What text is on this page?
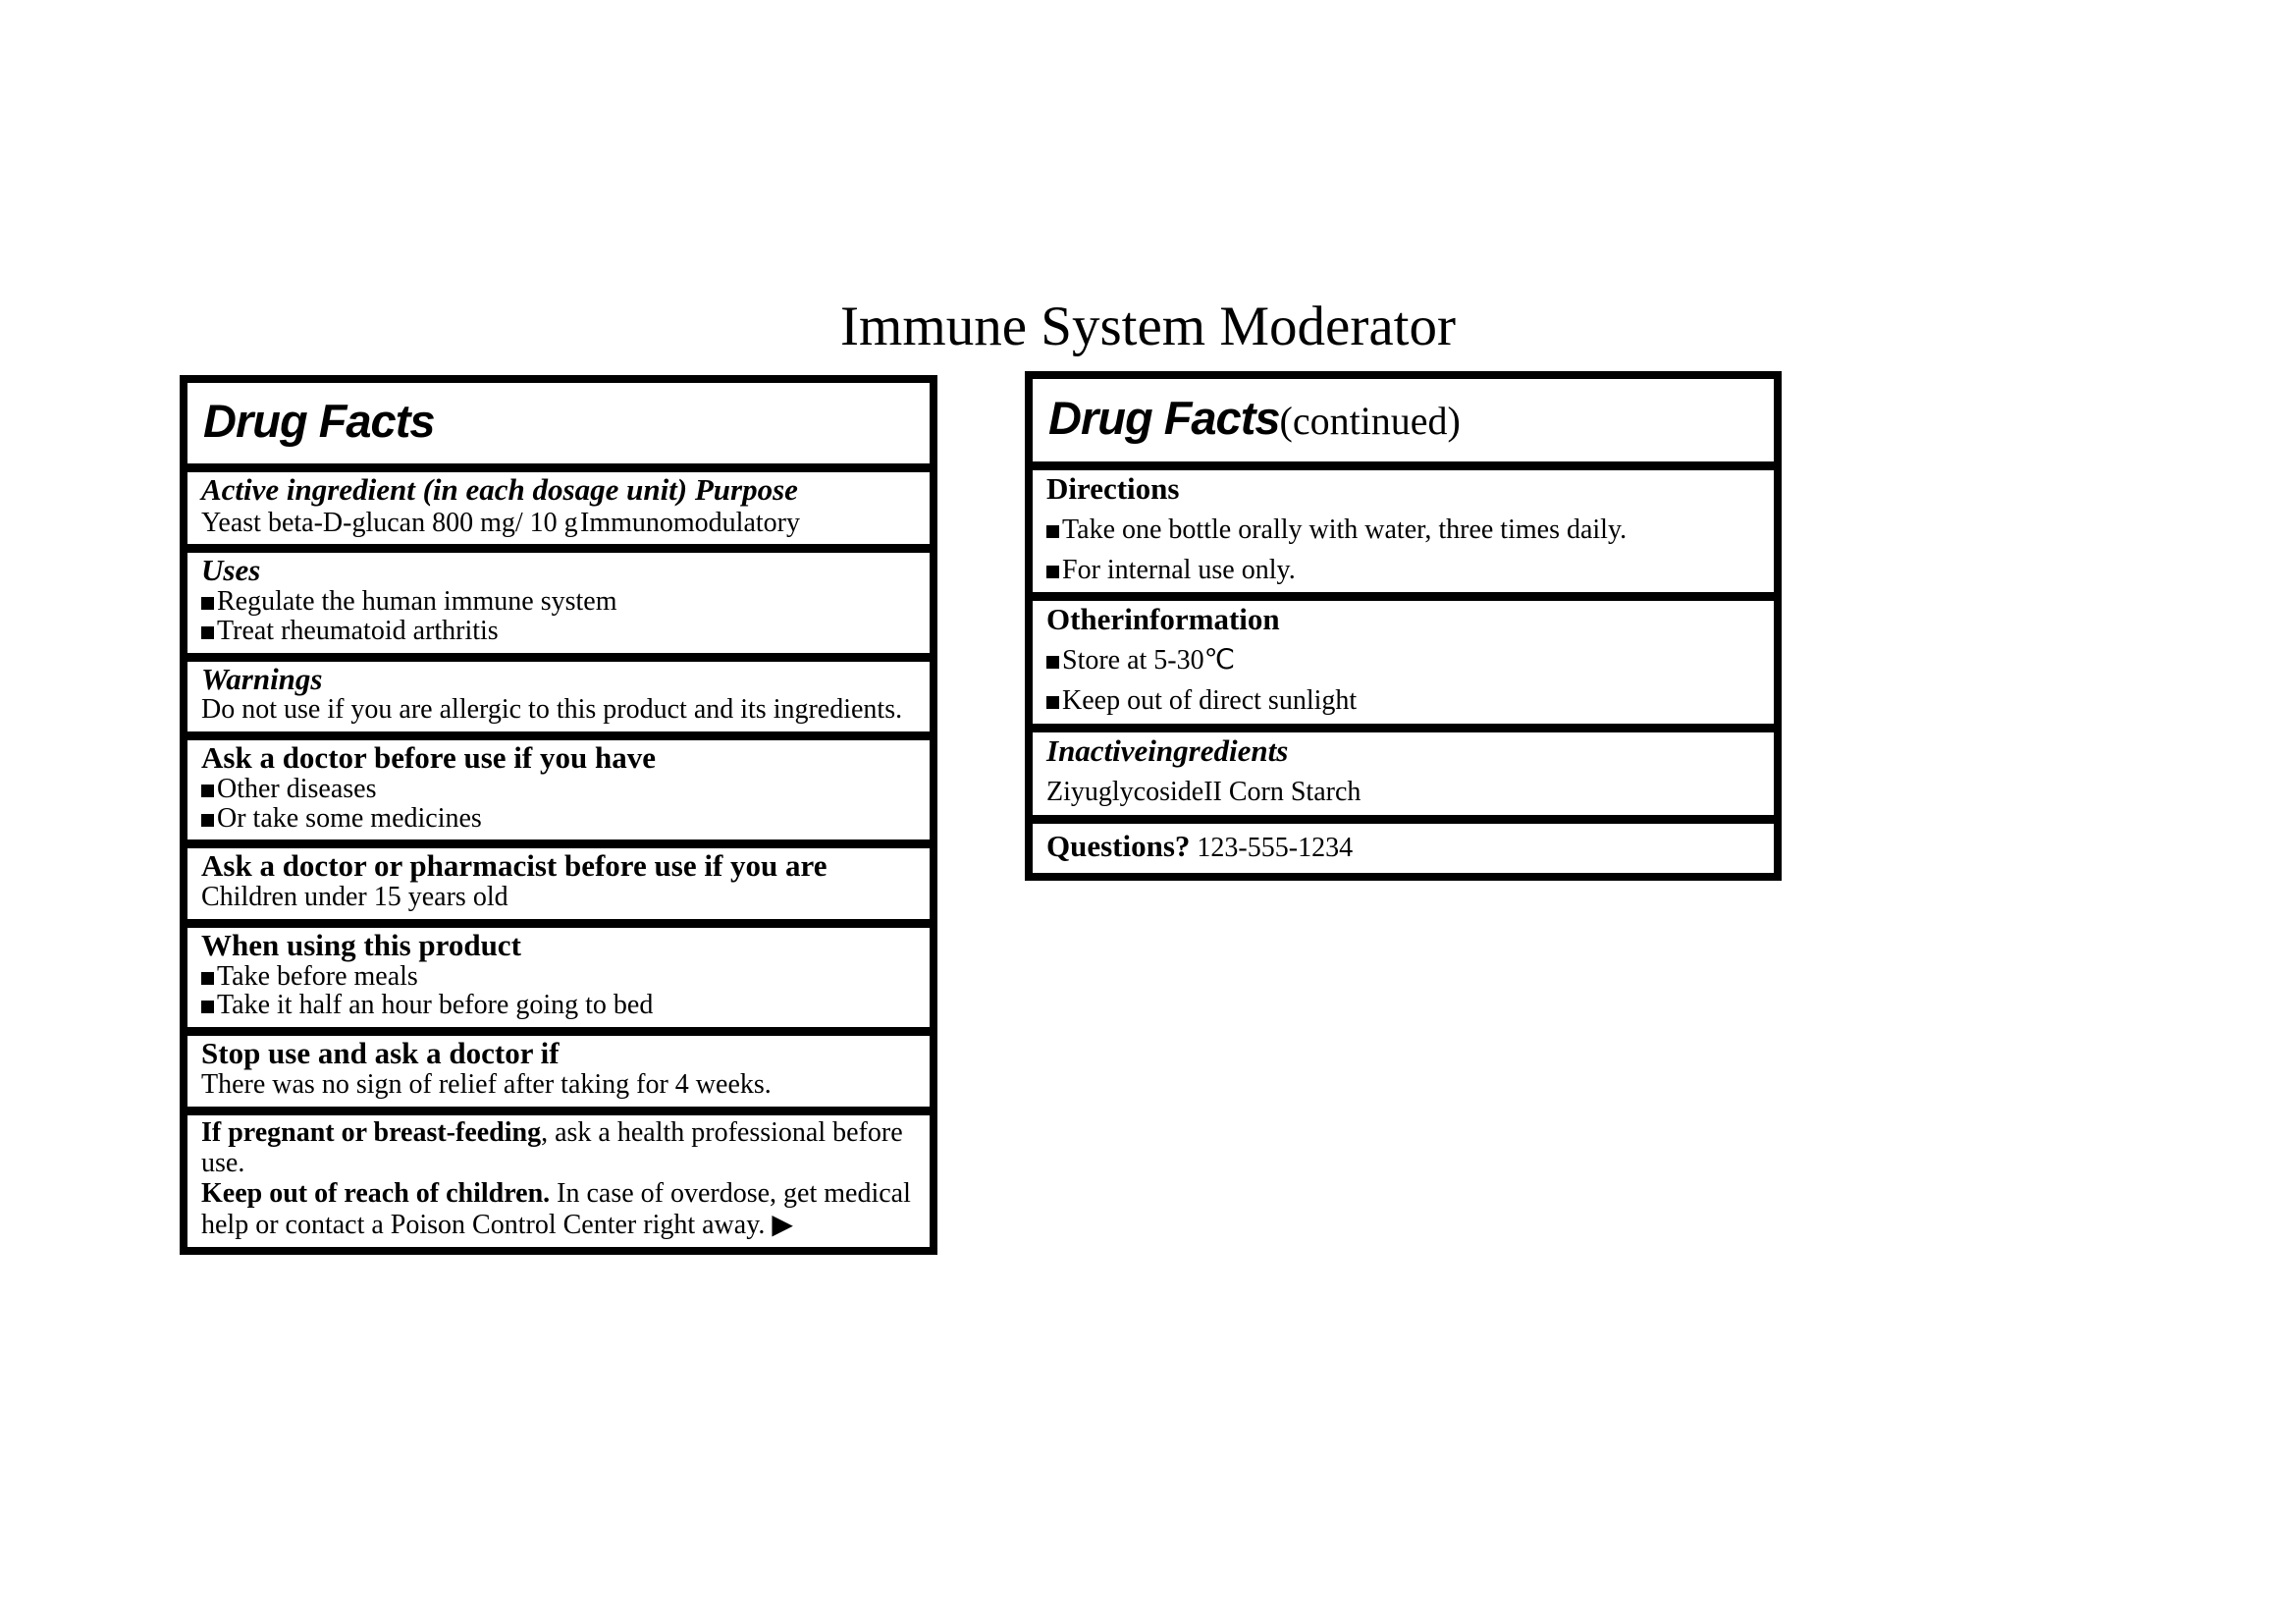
Immune System Moderator
Drug Facts
Active ingredient (in each dosage unit) Purpose
Yeast beta-D-glucan 800 mg/ 10 g Immunomodulatory
Uses
Regulate the human immune system
Treat rheumatoid arthritis
Warnings
Do not use if you are allergic to this product and its ingredients.
Ask a doctor before use if you have
Other diseases
Or take some medicines
Ask a doctor or pharmacist before use if you are
Children under 15 years old
When using this product
Take before meals
Take it half an hour before going to bed
Stop use and ask a doctor if
There was no sign of relief after taking for 4 weeks.

If pregnant or breast-feeding, ask a health professional before use.

Keep out of reach of children. In case of overdose, get medical help or contact a Poison Control Center right away. ▶

Drug Facts(continued)
Directions
Take one bottle orally with water, three times daily.
For internal use only.
Otherinformation
Store at 5-30℃
Keep out of direct sunlight
Inactiveingredients
ZiyuglycosideII Corn Starch
Questions? 123-555-1234
